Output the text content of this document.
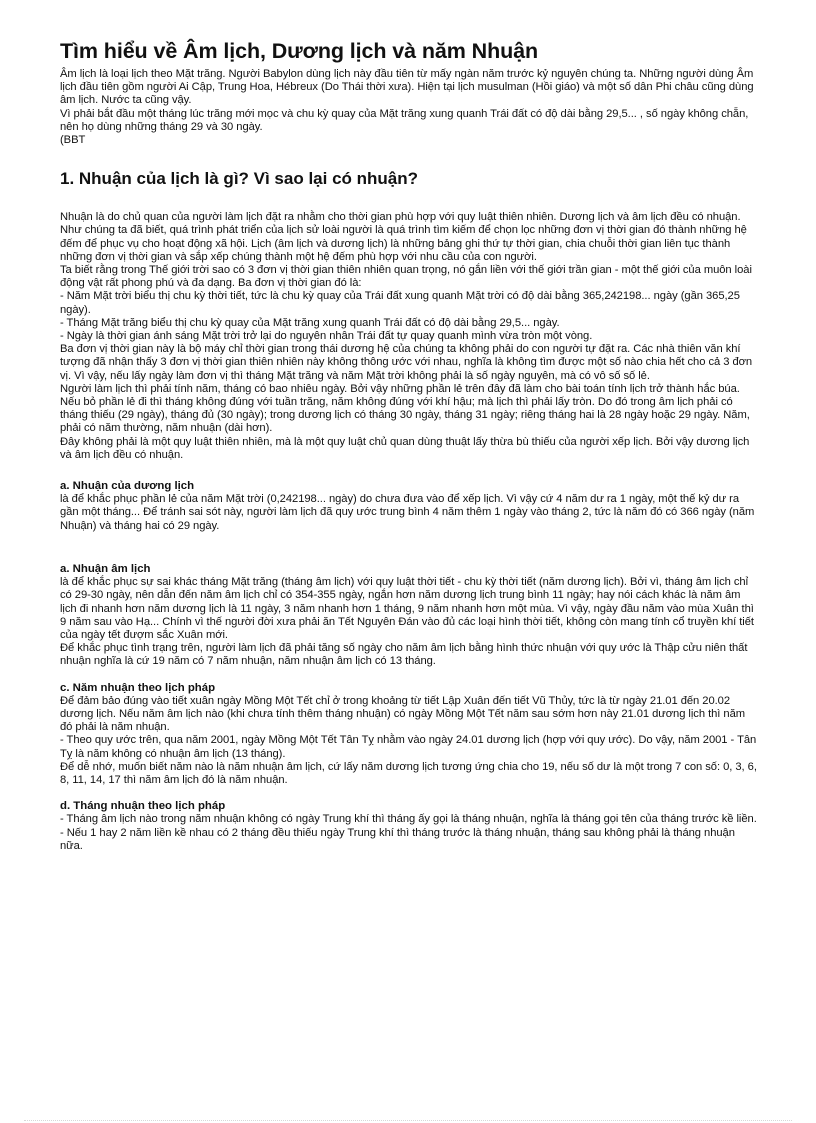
Tìm hiểu về Âm lịch, Dương lịch và năm Nhuận

Âm lịch là loại lịch theo Mặt trăng. Người Babylon dùng lịch này đầu tiên từ mấy ngàn năm trước kỷ nguyên chúng ta. Những người dùng Âm lịch đầu tiên gồm người Ai Cập, Trung Hoa, Hébreux (Do Thái thời xưa). Hiện tại lịch musulman (Hồi giáo) và một số dân Phi châu cũng dùng âm lịch. Nước ta cũng vậy.

Vì phải bắt đầu một tháng lúc trăng mới mọc và chu kỳ quay của Mặt trăng xung quanh Trái đất có độ dài bằng 29,5... , số ngày không chẵn, nên họ dùng những tháng 29 và 30 ngày.

(BBT

1. Nhuận của lịch là gì? Vì sao lại có nhuận?

Nhuận là do chủ quan của người làm lịch đặt ra nhằm cho thời gian phù hợp với quy luật thiên nhiên. Dương lịch và âm lịch đều có nhuận.

Như chúng ta đã biết, quá trình phát triển của lịch sử loài người là quá trình tìm kiếm để chọn lọc những đơn vị thời gian đó thành những hệ đếm để phục vụ cho hoạt động xã hội. Lịch (âm lịch và dương lịch) là những bảng ghi thứ tự thời gian, chia chuỗi thời gian liên tục thành những đơn vị thời gian và sắp xếp chúng thành một hệ đếm phù hợp với nhu cầu của con người.

Ta biết rằng trong Thế giới trời sao có 3 đơn vị thời gian thiên nhiên quan trọng, nó gắn liền với thế giới trần gian - một thế giới của muôn loài động vật rất phong phú và đa dạng. Ba đơn vị thời gian đó là:

- Năm Mặt trời biểu thị chu kỳ thời tiết, tức là chu kỳ quay của Trái đất xung quanh Mặt trời có độ dài bằng 365,242198... ngày (gần 365,25 ngày).

- Tháng Mặt trăng biểu thị chu kỳ quay của Mặt trăng xung quanh Trái đất có độ dài bằng 29,5... ngày.

- Ngày là thời gian ánh sáng Mặt trời trở lại do nguyên nhân Trái đất tự quay quanh mình vừa tròn một vòng.

Ba đơn vị thời gian này là bộ máy chỉ thời gian trong thái dương hệ của chúng ta không phải do con người tự đặt ra. Các nhà thiên văn khí tượng đã nhận thấy 3 đơn vị thời gian thiên nhiên này không thông ước với nhau, nghĩa là không tìm được một số nào chia hết cho cả 3 đơn vị. Vì vậy, nếu lấy ngày làm đơn vị thì tháng Mặt trăng và năm Mặt trời không phải là số ngày nguyên, mà có vô số số lẻ.

Người làm lịch thì phải tính năm, tháng có bao nhiêu ngày. Bởi vậy những phần lẻ trên đây đã làm cho bài toán tính lịch trở thành hắc búa. Nếu bỏ phần lẻ đi thì tháng không đúng với tuần trăng, năm không đúng với khí hậu; mà lịch thì phải lấy tròn. Do đó trong âm lịch phải có tháng thiếu (29 ngày), tháng đủ (30 ngày); trong dương lịch có tháng 30 ngày, tháng 31 ngày; riêng tháng hai là 28 ngày hoặc 29 ngày. Năm, phải có năm thường, năm nhuận (dài hơn).

Đây không phải là một quy luật thiên nhiên, mà là một quy luật chủ quan dùng thuật lấy thừa bù thiếu của người xếp lịch. Bởi vậy dương lịch và âm lịch đều có nhuận.

a. Nhuận của dương lịch

là để khắc phục phần lẻ của năm Mặt trời (0,242198... ngày) do chưa đưa vào để xếp lịch. Vì vậy cứ 4 năm dư ra 1 ngày, một thế kỷ dư ra gần một tháng... Để tránh sai sót này, người làm lịch đã quy ước trung bình 4 năm thêm 1 ngày vào tháng 2, tức là năm đó có 366 ngày (năm Nhuận) và tháng hai có 29 ngày.

a. Nhuận âm lịch

là để khắc phục sự sai khác tháng Mặt trăng (tháng âm lịch) với quy luật thời tiết - chu kỳ thời tiết (năm dương lịch). Bởi vì, tháng âm lịch chỉ có 29-30 ngày, nên dẫn đến năm âm lịch chỉ có 354-355 ngày, ngắn hơn năm dương lịch trung bình 11 ngày; hay nói cách khác là năm âm lịch đi nhanh hơn năm dương lịch là 11 ngày, 3 năm nhanh hơn 1 tháng, 9 năm nhanh hơn một mùa. Vì vậy, ngày đầu năm vào mùa Xuân thì 9 năm sau vào Hạ... Chính vì thế người đời xưa phải ăn Tết Nguyên Đán vào đủ các loại hình thời tiết, không còn mang tính cổ truyền khí tiết của ngày tết đượm sắc Xuân mới.

Để khắc phục tình trạng trên, người làm lịch đã phải tăng số ngày cho năm âm lịch bằng hình thức nhuận với quy ước là Thập cửu niên thất nhuận nghĩa là cứ 19 năm có 7 năm nhuận, năm nhuận âm lịch có 13 tháng.

c. Năm nhuận theo lịch pháp

Để đảm bảo đúng vào tiết xuân ngày Mồng Một Tết chỉ ở trong khoảng từ tiết Lập Xuân đến tiết Vũ Thủy, tức là từ ngày 21.01 đến 20.02 dương lịch. Nếu năm âm lịch nào (khi chưa tính thêm tháng nhuận) có ngày Mồng Một Tết năm sau sớm hơn này 21.01 dương lịch thì năm đó phải là năm nhuận.

- Theo quy ước trên, qua năm 2001, ngày Mồng Một Tết Tân Tỵ nhằm vào ngày 24.01 dương lịch (hợp với quy ước). Do vậy, năm 2001 - Tân Tỵ là năm không có nhuận âm lịch (13 tháng).

Để dễ nhớ, muốn biết năm nào là năm nhuận âm lịch, cứ lấy năm dương lịch tương ứng chia cho 19, nếu số dư là một trong 7 con số: 0, 3, 6, 8, 11, 14, 17 thì năm âm lịch đó là năm nhuận.

d. Tháng nhuận theo lịch pháp

- Tháng âm lịch nào trong năm nhuận không có ngày Trung khí thì tháng ấy gọi là tháng nhuận, nghĩa là tháng gọi tên của tháng trước kề liền.

- Nếu 1 hay 2 năm liền kề nhau có 2 tháng đều thiếu ngày Trung khí thì tháng trước là tháng nhuận, tháng sau không phải là tháng nhuận nữa.
